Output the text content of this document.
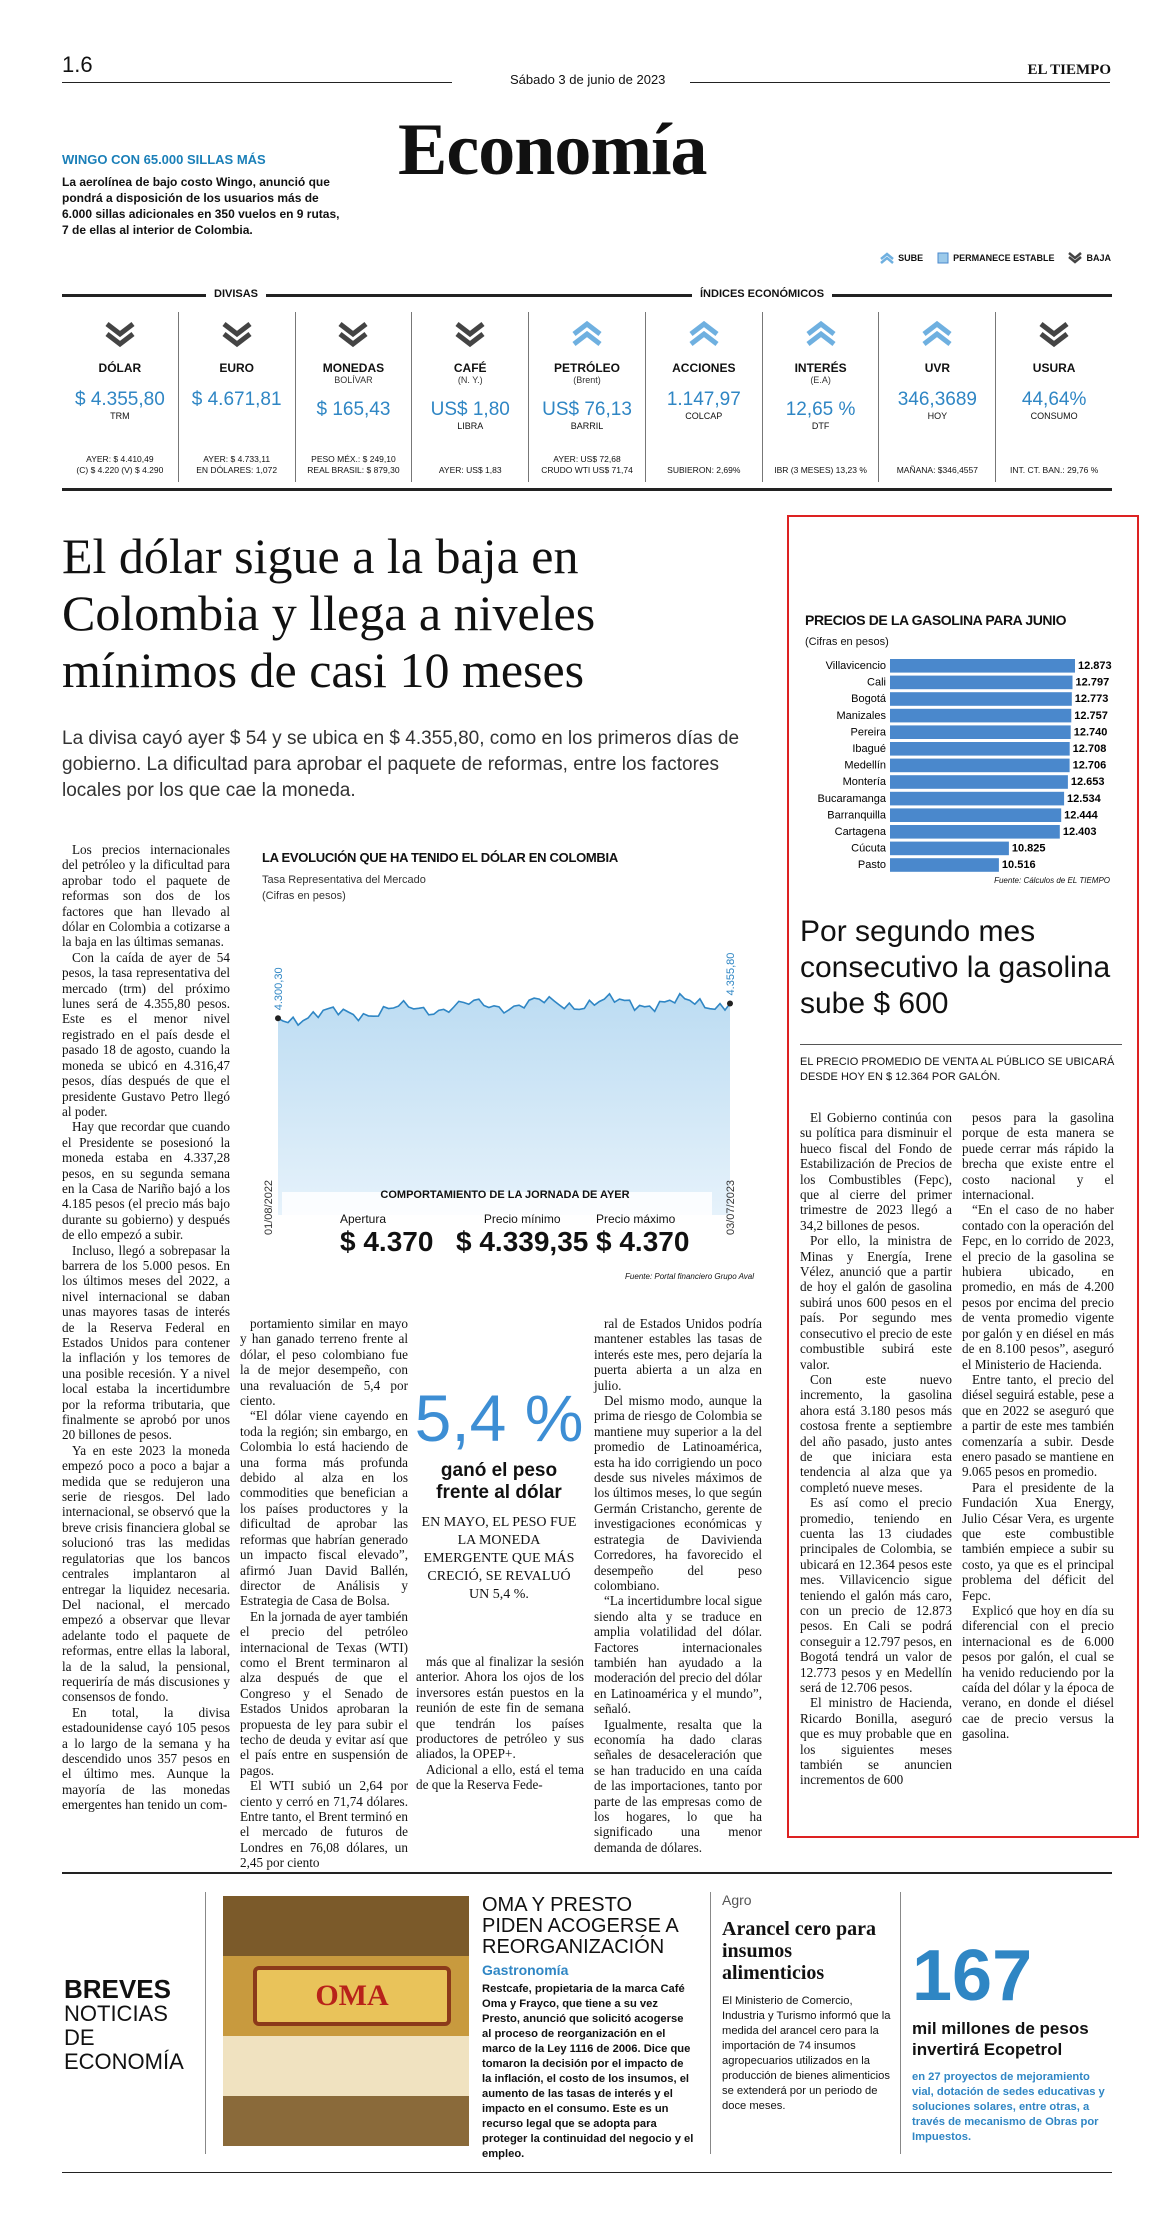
1.6
Sábado 3 de junio de 2023
EL TIEMPO
Economía
WINGO CON 65.000 SILLAS MÁS
La aerolínea de bajo costo Wingo, anunció que pondrá a disposición de los usuarios más de 6.000 sillas adicionales en 350 vuelos en 9 rutas, 7 de ellas al interior de Colombia.
SUBE	PERMANECE ESTABLE	BAJA
DIVISAS	ÍNDICES ECONÓMICOS
DÓLAR
$ 4.355,80
TRM
AYER: $ 4.410,49
(C) $ 4.220 (V) $ 4.290
EURO
$ 4.671,81
AYER: $ 4.733,11
EN DÓLARES: 1,072
MONEDAS
BOLÍVAR
$ 165,43
PESO MÉX.: $ 249,10
REAL BRASIL: $ 879,30
CAFÉ
(N. Y.)
US$ 1,80
LIBRA
AYER: US$ 1,83
PETRÓLEO
(Brent)
US$ 76,13
BARRIL
AYER: US$ 72,68
CRUDO WTI US$ 71,74
ACCIONES
1.147,97
COLCAP
SUBIERON: 2,69%
INTERÉS
(E.A)
12,65 %
DTF
IBR (3 MESES) 13,23 %
UVR
346,3689
HOY
MAÑANA: $346,4557
USURA
44,64%
CONSUMO
INT. CT. BAN.: 29,76 %
El dólar sigue a la baja en Colombia y llega a niveles mínimos de casi 10 meses
La divisa cayó ayer $ 54 y se ubica en $ 4.355,80, como en los primeros días de gobierno. La dificultad para aprobar el paquete de reformas, entre los factores locales por los que cae la moneda.

Los precios internacionales del petróleo y la dificultad para aprobar todo el paquete de reformas son dos de los factores que han llevado al dólar en Colombia a cotizarse a la baja en las últimas semanas.

Con la caída de ayer de 54 pesos, la tasa representativa del mercado (trm) del próximo lunes será de 4.355,80 pesos. Este es el menor nivel registrado en el país desde el pasado 18 de agosto, cuando la moneda se ubicó en 4.316,47 pesos, días después de que el presidente Gustavo Petro llegó al poder.

Hay que recordar que cuando el Presidente se posesionó la moneda estaba en 4.337,28 pesos, en su segunda semana en la Casa de Nariño bajó a los 4.185 pesos (el precio más bajo durante su gobierno) y después de ello empezó a subir.

Incluso, llegó a sobrepasar la barrera de los 5.000 pesos. En los últimos meses del 2022, a nivel internacional se daban unas mayores tasas de interés de la Reserva Federal en Estados Unidos para contener la inflación y los temores de una posible recesión. Y a nivel local estaba la incertidumbre por la reforma tributaria, que finalmente se aprobó por unos 20 billones de pesos.

Ya en este 2023 la moneda empezó poco a poco a bajar a medida que se redujeron una serie de riesgos. Del lado internacional, se observó que la breve crisis financiera global se solucionó tras las medidas regulatorias que los bancos centrales implantaron al entregar la liquidez necesaria. Del nacional, el mercado empezó a observar que llevar adelante todo el paquete de reformas, entre ellas la laboral, la de la salud, la pensional, requeriría de más discusiones y consensos de fondo.

En total, la divisa estadounidense cayó 105 pesos a lo largo de la semana y ha descendido unos 357 pesos en el último mes. Aunque la mayoría de las monedas emergentes han tenido un com-

LA EVOLUCIÓN QUE HA TENIDO EL DÓLAR EN COLOMBIA
Tasa Representativa del Mercado
(Cifras en pesos)
4.300,30	4.355,80
01/08/2022	03/07/2023
COMPORTAMIENTO DE LA JORNADA DE AYER
Apertura
$ 4.370
Precio mínimo
$ 4.339,35
Precio máximo
$ 4.370
Fuente: Portal financiero Grupo Aval

portamiento similar en mayo y han ganado terreno frente al dólar, el peso colombiano fue la de mejor desempeño, con una revaluación de 5,4 por ciento.

“El dólar viene cayendo en toda la región; sin embargo, en Colombia lo está haciendo de una forma más profunda debido al alza en los commodities que benefician a los países productores y la dificultad de aprobar las reformas que habrían generado un impacto fiscal elevado”, afirmó Juan David Ballén, director de Análisis y Estrategia de Casa de Bolsa.

En la jornada de ayer también el precio del petróleo internacional de Texas (WTI) como el Brent terminaron al alza después de que el Congreso y el Senado de Estados Unidos aprobaran la propuesta de ley para subir el techo de deuda y evitar así que el país entre en suspensión de pagos.

El WTI subió un 2,64 por ciento y cerró en 71,74 dólares. Entre tanto, el Brent terminó en el mercado de futuros de Londres en 76,08 dólares, un 2,45 por ciento

5,4 %
ganó el peso frente al dólar
EN MAYO, EL PESO FUE LA MONEDA EMERGENTE QUE MÁS CRECIÓ, SE REVALUÓ UN 5,4 %.

más que al finalizar la sesión anterior. Ahora los ojos de los inversores están puestos en la reunión de este fin de semana que tendrán los países productores de petróleo y sus aliados, la OPEP+.

Adicional a ello, está el tema de que la Reserva Fede-

ral de Estados Unidos podría mantener estables las tasas de interés este mes, pero dejaría la puerta abierta a un alza en julio.

Del mismo modo, aunque la prima de riesgo de Colombia se mantiene muy superior a la del promedio de Latinoamérica, esta ha ido corrigiendo un poco desde sus niveles máximos de los últimos meses, lo que según Germán Cristancho, gerente de investigaciones económicas y estrategia de Davivienda Corredores, ha favorecido el desempeño del peso colombiano.

“La incertidumbre local sigue siendo alta y se traduce en amplia volatilidad del dólar. Factores internacionales también han ayudado a la moderación del precio del dólar en Latinoamérica y el mundo”, señaló.

Igualmente, resalta que la economía ha dado claras señales de desaceleración que se han traducido en una caída de las importaciones, tanto por parte de las empresas como de los hogares, lo que ha significado una menor demanda de dólares.

PRECIOS DE LA GASOLINA PARA JUNIO
(Cifras en pesos)
Villavicencio	12.873
Cali	12.797
Bogotá	12.773
Manizales	12.757
Pereira	12.740
Ibagué	12.708
Medellín	12.706
Montería	12.653
Bucaramanga	12.534
Barranquilla	12.444
Cartagena	12.403
Cúcuta	10.825
Pasto	10.516
Fuente: Cálculos de EL TIEMPO
Por segundo mes consecutivo la gasolina sube $ 600
EL PRECIO PROMEDIO DE VENTA AL PÚBLICO SE UBICARÁ DESDE HOY EN $ 12.364 POR GALÓN.

El Gobierno continúa con su política para disminuir el hueco fiscal del Fondo de Estabilización de Precios de los Combustibles (Fepc), que al cierre del primer trimestre de 2023 llegó a 34,2 billones de pesos.

Por ello, la ministra de Minas y Energía, Irene Vélez, anunció que a partir de hoy el galón de gasolina subirá unos 600 pesos en el país. Por segundo mes consecutivo el precio de este combustible subirá este valor.

Con este nuevo incremento, la gasolina ahora está 3.180 pesos más costosa frente a septiembre del año pasado, justo antes de que iniciara esta tendencia al alza que ya completó nueve meses.

Es así como el precio promedio, teniendo en cuenta las 13 ciudades principales de Colombia, se ubicará en 12.364 pesos este mes. Villavicencio sigue teniendo el galón más caro, con un precio de 12.873 pesos. En Cali se podrá conseguir a 12.797 pesos, en Bogotá tendrá un valor de 12.773 pesos y en Medellín será de 12.706 pesos.

El ministro de Hacienda, Ricardo Bonilla, aseguró que es muy probable que en los siguientes meses también se anuncien incrementos de 600

pesos para la gasolina porque de esta manera se puede cerrar más rápido la brecha que existe entre el costo nacional y el internacional.

“En el caso de no haber contado con la operación del Fepc, en lo corrido de 2023, el precio de la gasolina se hubiera ubicado, en promedio, en más de 4.200 pesos por encima del precio de venta promedio vigente por galón y en diésel en más de en 8.100 pesos”, aseguró el Ministerio de Hacienda.

Entre tanto, el precio del diésel seguirá estable, pese a que en 2022 se aseguró que a partir de este mes también comenzaría a subir. Desde enero pasado se mantiene en 9.065 pesos en promedio.

Para el presidente de la Fundación Xua Energy, Julio César Vera, es urgente que este combustible también empiece a subir su costo, ya que es el principal problema del déficit del Fepc.

Explicó que hoy en día su diferencial con el precio internacional es de 6.000 pesos por galón, el cual se ha venido reduciendo por la caída del dólar y la época de verano, en donde el diésel cae de precio versus la gasolina.

BREVES
NOTICIAS DE ECONOMÍA
OMA
OMA Y PRESTO PIDEN ACOGERSE A REORGANIZACIÓN
Gastronomía
Restcafe, propietaria de la marca Café Oma y Frayco, que tiene a su vez Presto, anunció que solicitó acogerse al proceso de reorganización en el marco de la Ley 1116 de 2006. Dice que tomaron la decisión por el impacto de la inflación, el costo de los insumos, el aumento de las tasas de interés y el impacto en el consumo. Este es un recurso legal que se adopta para proteger la continuidad del negocio y el empleo.
Agro
Arancel cero para insumos alimenticios
El Ministerio de Comercio, Industria y Turismo informó que la medida del arancel cero para la importación de 74 insumos agropecuarios utilizados en la producción de bienes alimenticios se extenderá por un periodo de doce meses.
167
mil millones de pesos invertirá Ecopetrol
en 27 proyectos de mejoramiento vial, dotación de sedes educativas y soluciones solares, entre otras, a través de mecanismo de Obras por Impuestos.
